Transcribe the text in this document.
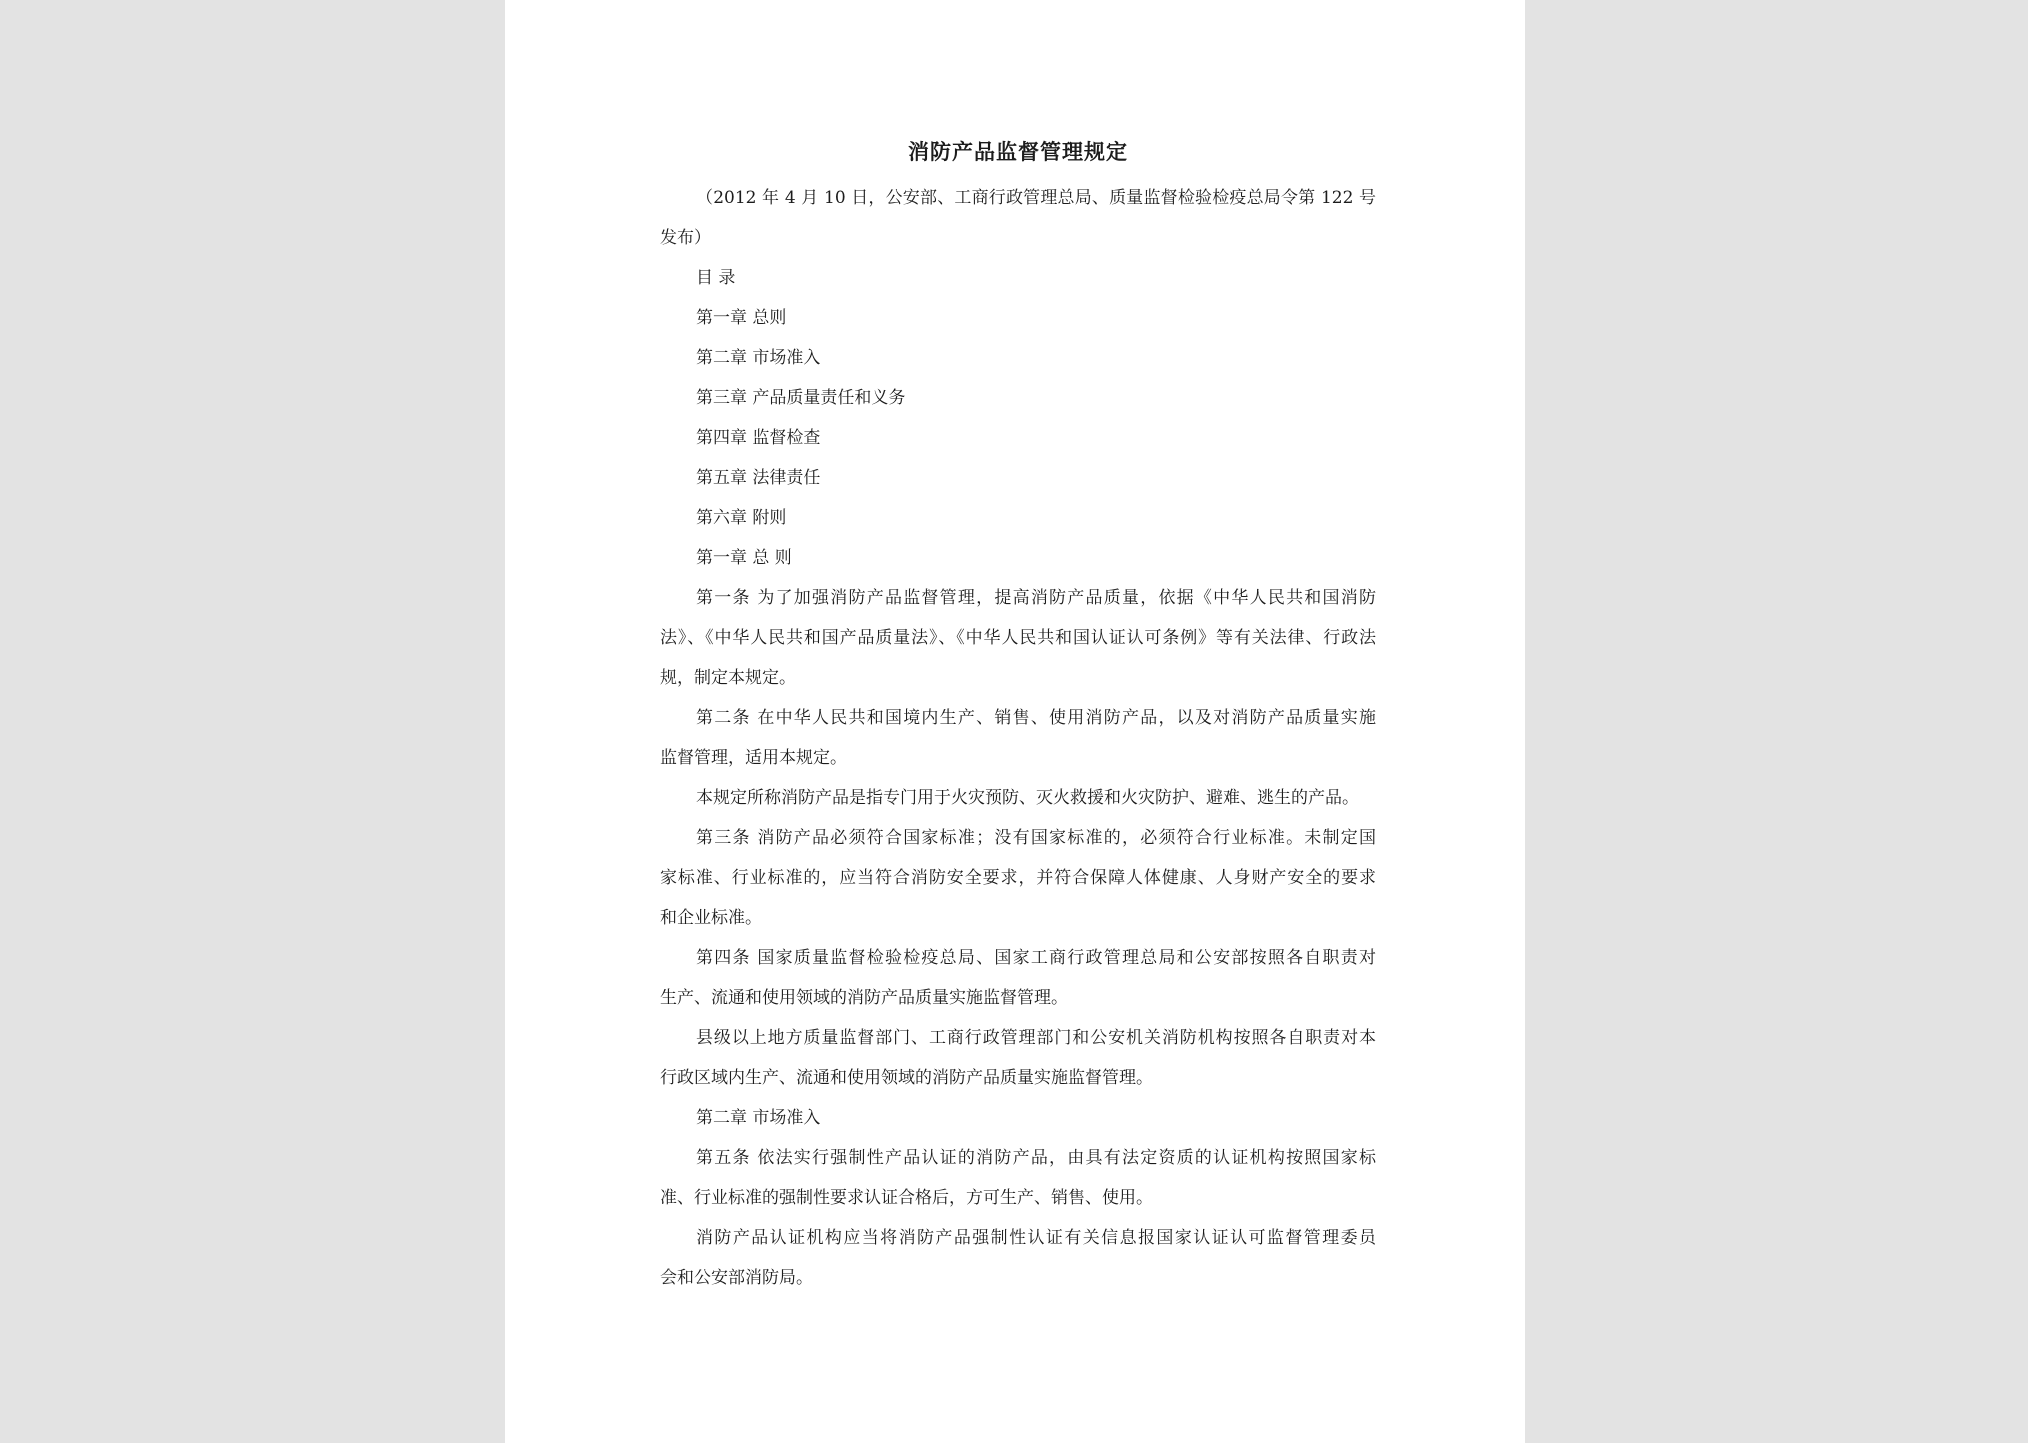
消防产品监督管理规定
（2012 年 4 月 10 日，公安部、工商行政管理总局、质量监督检验检疫总局令第 122 号
发布）
目 录
第一章 总则
第二章 市场准入
第三章 产品质量责任和义务
第四章 监督检查
第五章 法律责任
第六章 附则
第一章 总 则
第一条 为了加强消防产品监督管理，提高消防产品质量，依据《中华人民共和国消防
法》、《中华人民共和国产品质量法》、《中华人民共和国认证认可条例》等有关法律、行政法
规，制定本规定。
第二条 在中华人民共和国境内生产、销售、使用消防产品，以及对消防产品质量实施
监督管理，适用本规定。
本规定所称消防产品是指专门用于火灾预防、灭火救援和火灾防护、避难、逃生的产品。
第三条 消防产品必须符合国家标准；没有国家标准的，必须符合行业标准。未制定国
家标准、行业标准的，应当符合消防安全要求，并符合保障人体健康、人身财产安全的要求
和企业标准。
第四条 国家质量监督检验检疫总局、国家工商行政管理总局和公安部按照各自职责对
生产、流通和使用领域的消防产品质量实施监督管理。
县级以上地方质量监督部门、工商行政管理部门和公安机关消防机构按照各自职责对本
行政区域内生产、流通和使用领域的消防产品质量实施监督管理。
第二章 市场准入
第五条 依法实行强制性产品认证的消防产品，由具有法定资质的认证机构按照国家标
准、行业标准的强制性要求认证合格后，方可生产、销售、使用。
消防产品认证机构应当将消防产品强制性认证有关信息报国家认证认可监督管理委员
会和公安部消防局。
